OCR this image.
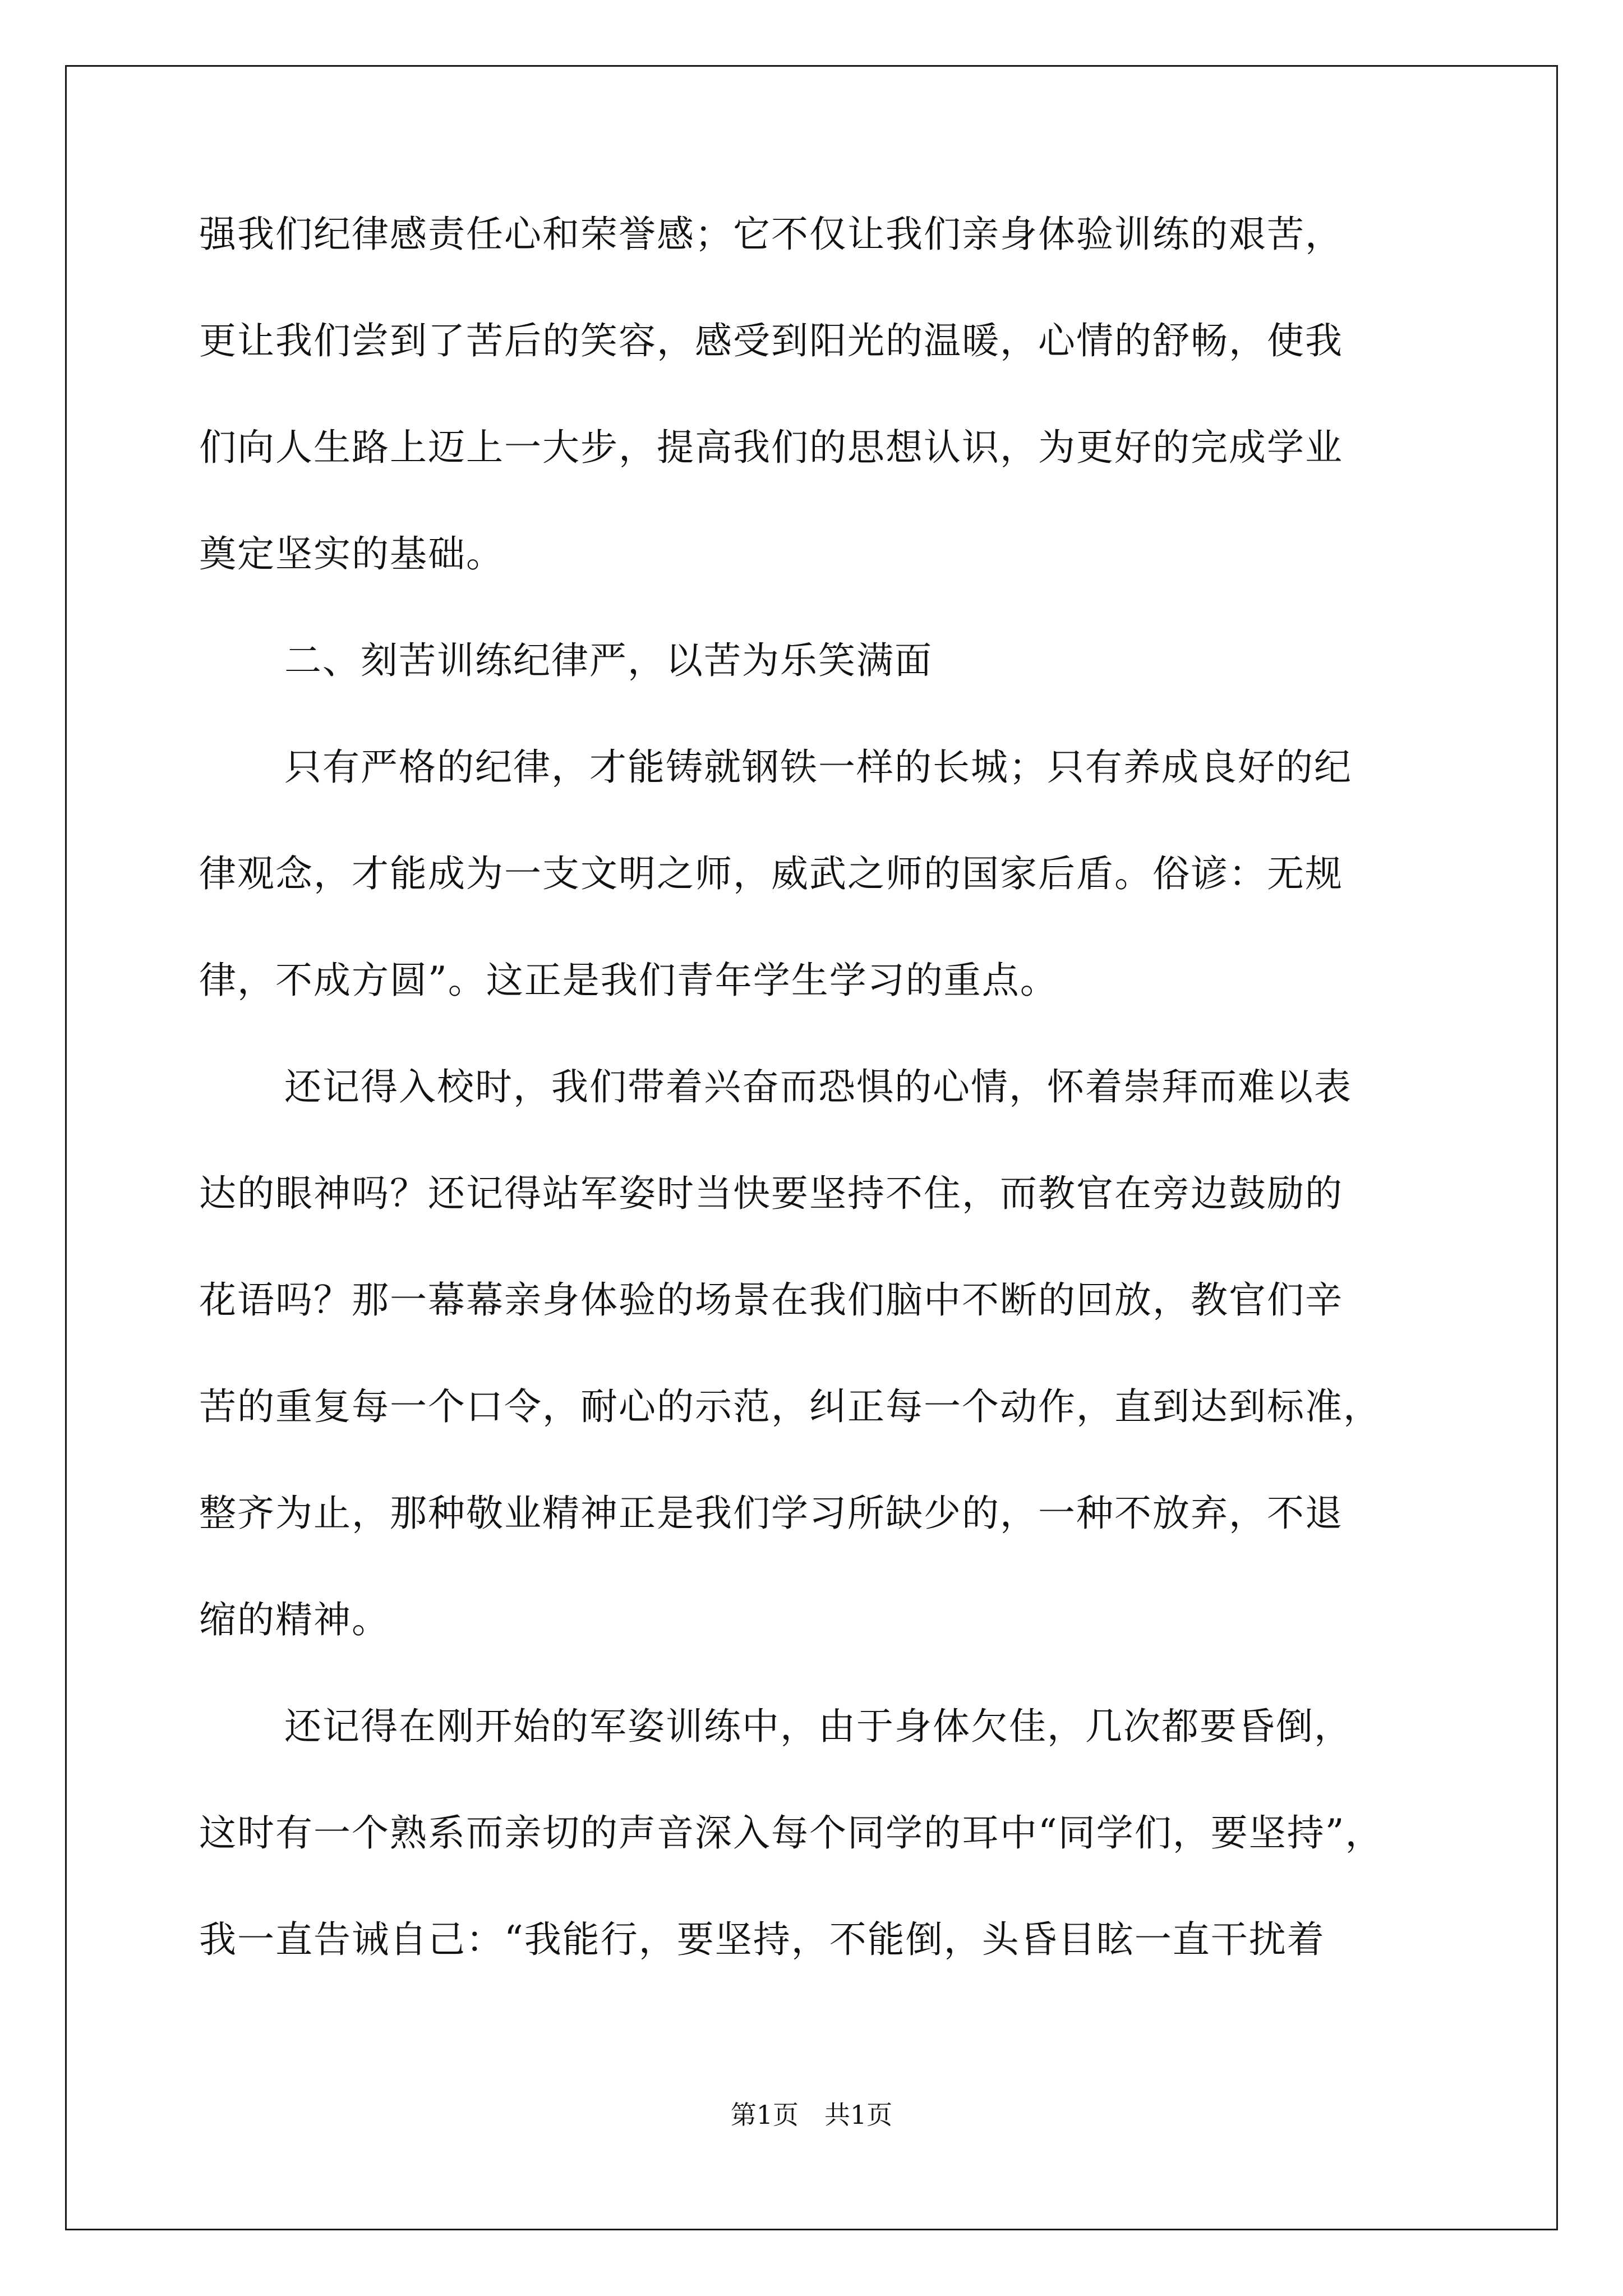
强我们纪律感责任心和荣誉感；它不仅让我们亲身体验训练的艰苦，
更让我们尝到了苦后的笑容，感受到阳光的温暖，心情的舒畅，使我
们向人生路上迈上一大步，提高我们的思想认识，为更好的完成学业
奠定坚实的基础。
二、刻苦训练纪律严，以苦为乐笑满面
只有严格的纪律，才能铸就钢铁一样的长城；只有养成良好的纪
律观念，才能成为一支文明之师，威武之师的国家后盾。俗谚：无规
律，不成方圆”。这正是我们青年学生学习的重点。
还记得入校时，我们带着兴奋而恐惧的心情，怀着崇拜而难以表
达的眼神吗？还记得站军姿时当快要坚持不住，而教官在旁边鼓励的
花语吗？那一幕幕亲身体验的场景在我们脑中不断的回放，教官们辛
苦的重复每一个口令，耐心的示范，纠正每一个动作，直到达到标准，
整齐为止，那种敬业精神正是我们学习所缺少的，一种不放弃，不退
缩的精神。
还记得在刚开始的军姿训练中，由于身体欠佳，几次都要昏倒，
这时有一个熟系而亲切的声音深入每个同学的耳中“同学们，要坚持”，
我一直告诫自己：“我能行，要坚持，不能倒，头昏目眩一直干扰着
第1页 共1页
